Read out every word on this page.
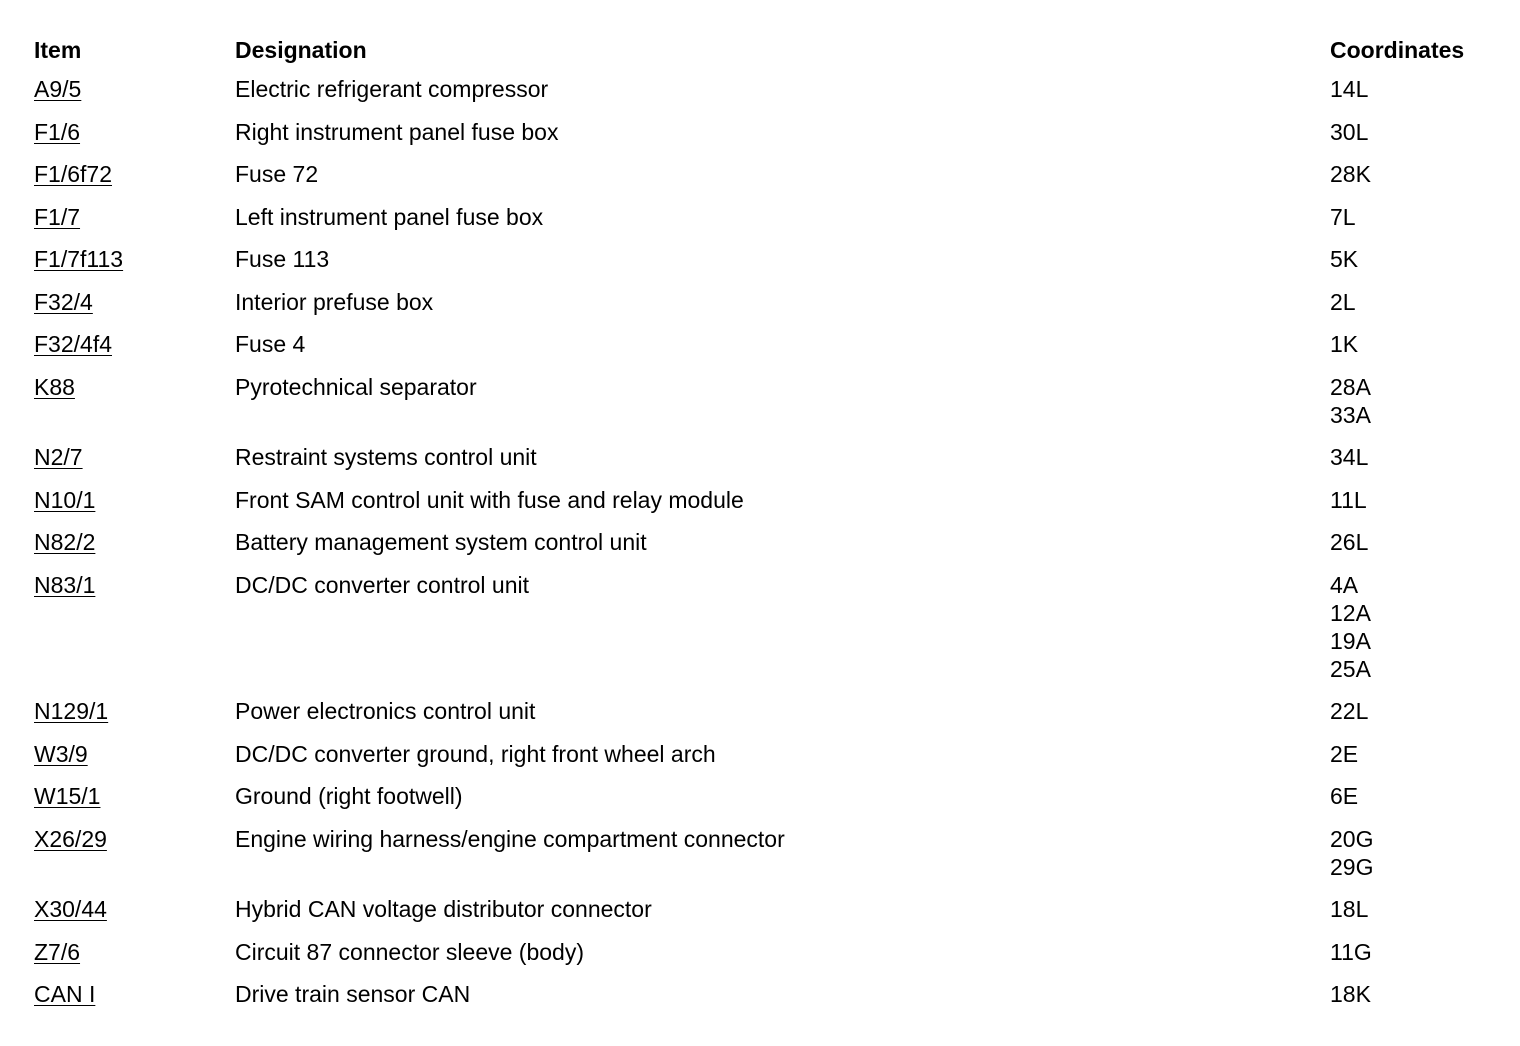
Item	Designation	Coordinates
A9/5	Electric refrigerant compressor	14L
F1/6	Right instrument panel fuse box	30L
F1/6f72	Fuse 72	28K
F1/7	Left instrument panel fuse box	7L
F1/7f113	Fuse 113	5K
F32/4	Interior prefuse box	2L
F32/4f4	Fuse 4	1K
K88	Pyrotechnical separator	28A
33A
N2/7	Restraint systems control unit	34L
N10/1	Front SAM control unit with fuse and relay module	11L
N82/2	Battery management system control unit	26L
N83/1	DC/DC converter control unit	4A
12A
19A
25A
N129/1	Power electronics control unit	22L
W3/9	DC/DC converter ground, right front wheel arch	2E
W15/1	Ground (right footwell)	6E
X26/29	Engine wiring harness/engine compartment connector	20G
29G
X30/44	Hybrid CAN voltage distributor connector	18L
Z7/6	Circuit 87 connector sleeve (body)	11G
CAN I	Drive train sensor CAN	18K
